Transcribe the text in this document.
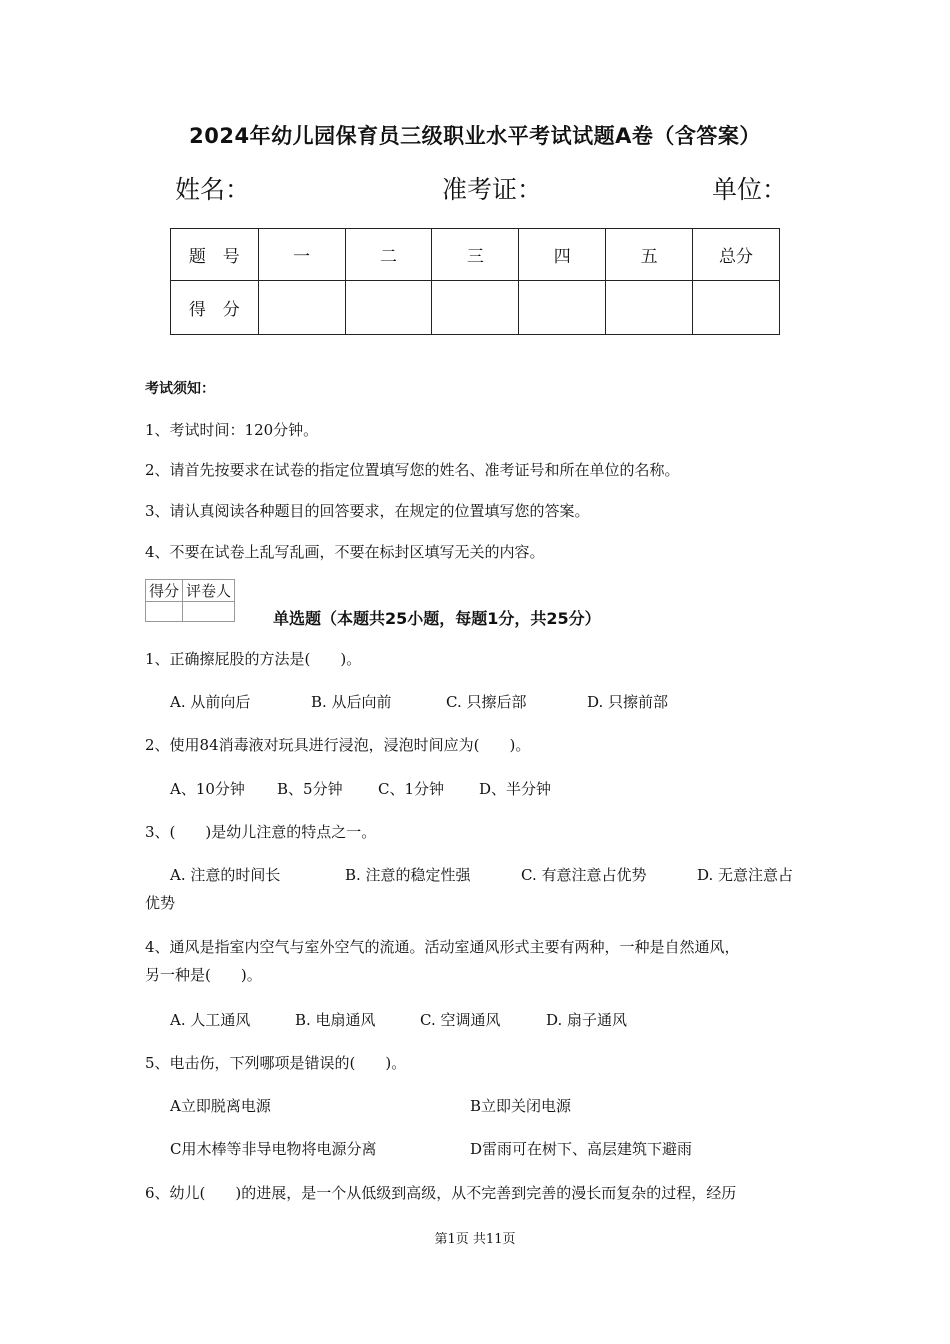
2024年幼儿园保育员三级职业水平考试试题A卷（含答案）
姓名：	准考证：	单位：
题　号	一	二	三	四	五	总分
得　分						
考试须知：
1、考试时间：120分钟。
2、请首先按要求在试卷的指定位置填写您的姓名、准考证号和所在单位的名称。
3、请认真阅读各种题目的回答要求，在规定的位置填写您的答案。
4、不要在试卷上乱写乱画，不要在标封区填写无关的内容。
得分	评卷人

单选题（本题共25小题，每题1分，共25分）
1、正确擦屁股的方法是(　　)。
A. 从前向后	B. 从后向前	C. 只擦后部	D. 只擦前部
2、使用84消毒液对玩具进行浸泡，浸泡时间应为(　　)。
A、10分钟 B、5分钟 C、1分钟 D、半分钟
3、(　　)是幼儿注意的特点之一。
A. 注意的时间长	B. 注意的稳定性强	C. 有意注意占优势	D. 无意注意占
优势
4、通风是指室内空气与室外空气的流通。活动室通风形式主要有两种，一种是自然通风，
另一种是(　　)。
A. 人工通风	B. 电扇通风	C. 空调通风	D. 扇子通风
5、电击伤，下列哪项是错误的(　　)。
A立即脱离电源	B立即关闭电源
C用木棒等非导电物将电源分离	D雷雨可在树下、高层建筑下避雨
6、幼儿(　　)的进展，是一个从低级到高级，从不完善到完善的漫长而复杂的过程，经历
第1页 共11页
